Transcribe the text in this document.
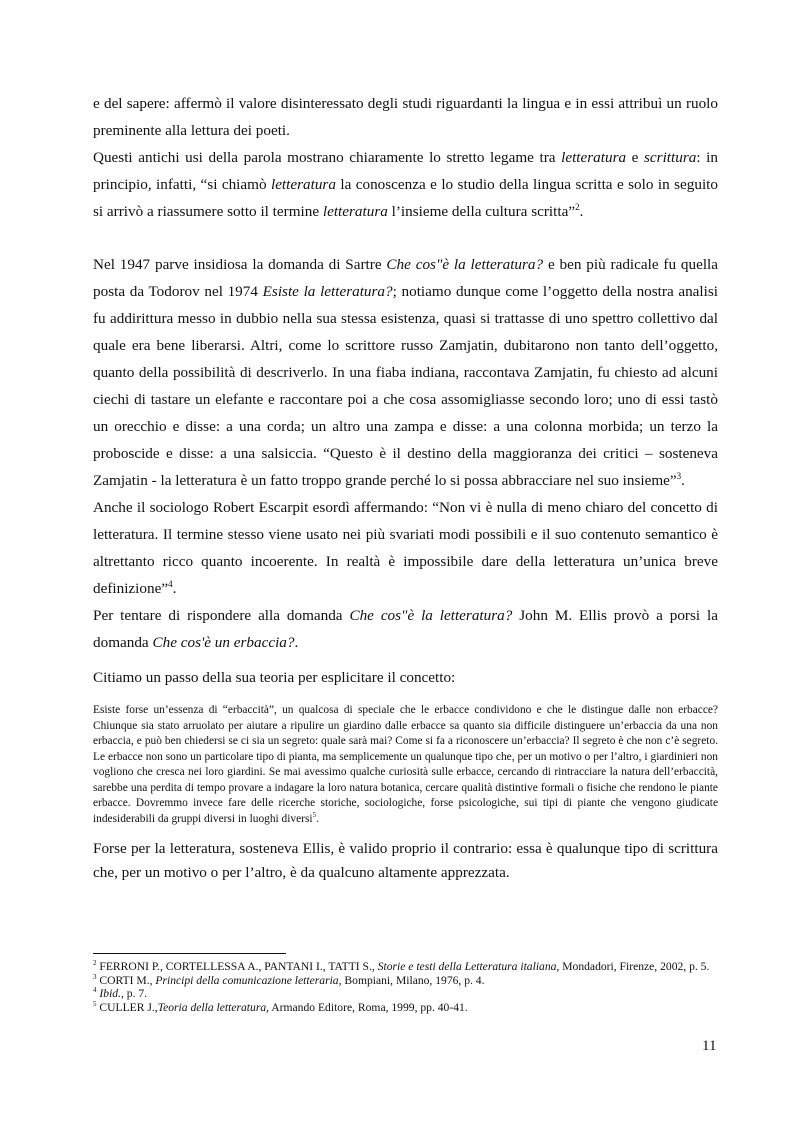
e del sapere: affermò il valore disinteressato degli studi riguardanti la lingua e in essi attribuì un ruolo preminente alla lettura dei poeti.

Questi antichi usi della parola mostrano chiaramente lo stretto legame tra letteratura e scrittura: in principio, infatti, “si chiamò letteratura la conoscenza e lo studio della lingua scritta e solo in seguito si arrivò a riassumere sotto il termine letteratura l’insieme della cultura scritta”$^2$.

Nel 1947 parve insidiosa la domanda di Sartre Che cos"è la letteratura? e ben più radicale fu quella posta da Todorov nel 1974 Esiste la letteratura?; notiamo dunque come l’oggetto della nostra analisi fu addirittura messo in dubbio nella sua stessa esistenza, quasi si trattasse di uno spettro collettivo dal quale era bene liberarsi. Altri, come lo scrittore russo Zamjatin, dubitarono non tanto dell’oggetto, quanto della possibilità di descriverlo. In una fiaba indiana, raccontava Zamjatin, fu chiesto ad alcuni ciechi di tastare un elefante e raccontare poi a che cosa assomigliasse secondo loro; uno di essi tastò un orecchio e disse: a una corda; un altro una zampa e disse: a una colonna morbida; un terzo la proboscide e disse: a una salsiccia. “Questo è il destino della maggioranza dei critici – sosteneva Zamjatin - la letteratura è un fatto troppo grande perché lo si possa abbracciare nel suo insieme”$^3$.

Anche il sociologo Robert Escarpit esordì affermando: “Non vi è nulla di meno chiaro del concetto di letteratura. Il termine stesso viene usato nei più svariati modi possibili e il suo contenuto semantico è altrettanto ricco quanto incoerente. In realtà è impossibile dare della letteratura un’unica breve definizione”$^4$.

Per tentare di rispondere alla domanda Che cos"è la letteratura? John M. Ellis provò a porsi la domanda Che cos'è un erbaccia?.

Citiamo un passo della sua teoria per esplicitare il concetto:

Esiste forse un’essenza di “erbaccità”, un qualcosa di speciale che le erbacce condividono e che le distingue dalle non erbacce? Chiunque sia stato arruolato per aiutare a ripulire un giardino dalle erbacce sa quanto sia difficile distinguere un’erbaccia da una non erbaccia, e può ben chiedersi se ci sia un segreto: quale sarà mai? Come si fa a riconoscere un’erbaccia? Il segreto è che non c’è segreto. Le erbacce non sono un particolare tipo di pianta, ma semplicemente un qualunque tipo che, per un motivo o per l’altro, i giardinieri non vogliono che cresca nei loro giardini. Se mai avessimo qualche curiosità sulle erbacce, cercando di rintracciare la natura dell’erbaccità, sarebbe una perdita di tempo provare a indagare la loro natura botanica, cercare qualità distintive formali o fisiche che rendono le piante erbacce. Dovremmo invece fare delle ricerche storiche, sociologiche, forse psicologiche, sui tipi di piante che vengono giudicate indesiderabili da gruppi diversi in luoghi diversi$^5$.

Forse per la letteratura, sosteneva Ellis, è valido proprio il contrario: essa è qualunque tipo di scrittura che, per un motivo o per l’altro, è da qualcuno altamente apprezzata.

$^2$ FERRONI P., CORTELLESSA A., PANTANI I., TATTI S., Storie e testi della Letteratura italiana, Mondadori, Firenze, 2002, p. 5.
$^3$ CORTI M., Principi della comunicazione letteraria, Bompiani, Milano, 1976, p. 4.
$^4$ Ibid., p. 7.
$^5$ CULLER J.,Teoria della letteratura, Armando Editore, Roma, 1999, pp. 40-41.
11
